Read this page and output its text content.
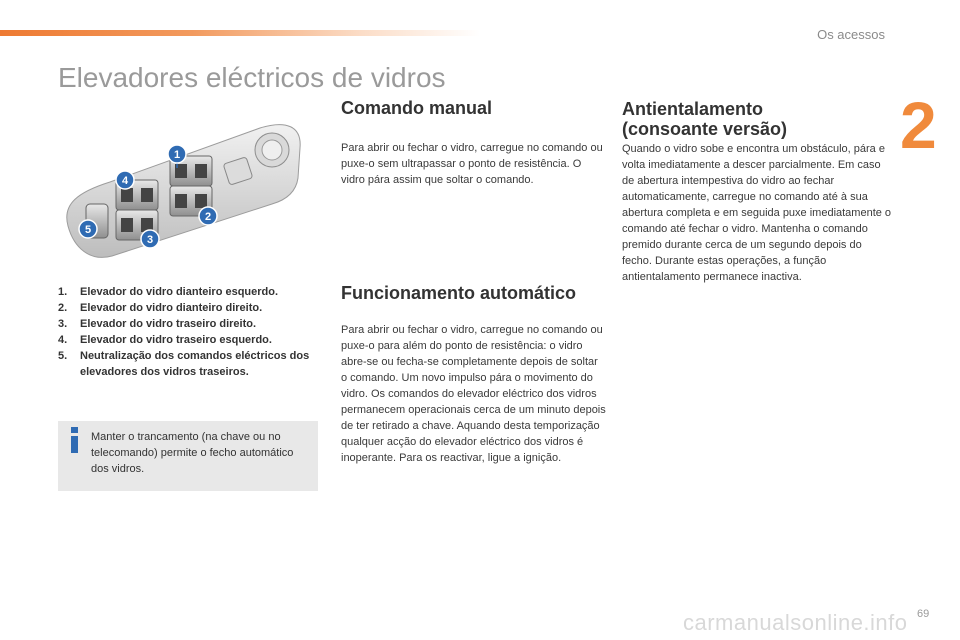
Os acessos
2
Elevadores eléctricos de vidros
1
2
3
4
5
1.	Elevador do vidro dianteiro esquerdo.
2.	Elevador do vidro dianteiro direito.
3.	Elevador do vidro traseiro direito.
4.	Elevador do vidro traseiro esquerdo.
5.	Neutralização dos comandos eléctricos dos elevadores dos vidros traseiros.
Manter o trancamento (na chave ou no telecomando) permite o fecho automático dos vidros.
Comando manual

Para abrir ou fechar o vidro, carregue no comando ou puxe-o sem ultrapassar o ponto de resistência. O vidro pára assim que soltar o comando.

Funcionamento automático

Para abrir ou fechar o vidro, carregue no comando ou puxe-o para além do ponto de resistência: o vidro abre-se ou fecha-se completamente depois de soltar o comando. Um novo impulso pára o movimento do vidro. Os comandos do elevador eléctrico dos vidros permanecem operacionais cerca de um minuto depois de ter retirado a chave. Aquando desta temporização qualquer acção do elevador eléctrico dos vidros é inoperante. Para os reactivar, ligue a ignição.

Antientalamento (consoante versão)

Quando o vidro sobe e encontra um obstáculo, pára e volta imediatamente a descer parcialmente. Em caso de abertura intempestiva do vidro ao fechar automaticamente, carregue no comando até à sua abertura completa e em seguida puxe imediatamente o comando até fechar o vidro. Mantenha o comando premido durante cerca de um segundo depois do fecho. Durante estas operações, a função antientalamento permanece inactiva.

69
carmanualsonline.info
